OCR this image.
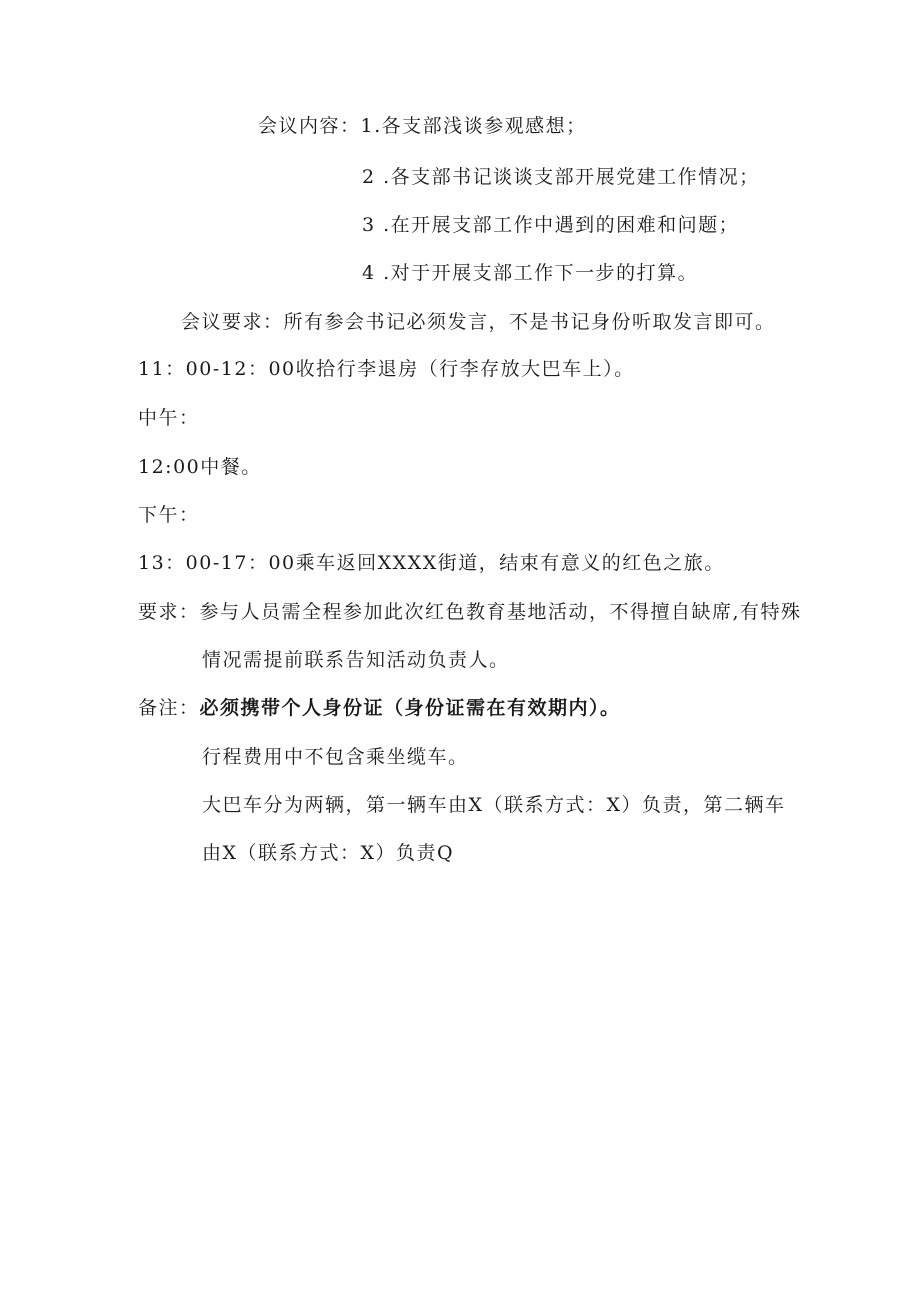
会议内容：1.各支部浅谈参观感想；
2 .各支部书记谈谈支部开展党建工作情况；
3 .在开展支部工作中遇到的困难和问题；
4 .对于开展支部工作下一步的打算。
会议要求：所有参会书记必须发言，不是书记身份听取发言即可。
11：00-12：00收拾行李退房（行李存放大巴车上）。
中午：
12:00中餐。
下午：
13：00-17：00乘车返回XXXX街道，结束有意义的红色之旅。
要求：参与人员需全程参加此次红色教育基地活动，不得擅自缺席,有特殊
情况需提前联系告知活动负责人。
备注：必须携带个人身份证（身份证需在有效期内）。
行程费用中不包含乘坐缆车。
大巴车分为两辆，第一辆车由X（联系方式：X）负责，第二辆车
由X（联系方式：X）负责Q
